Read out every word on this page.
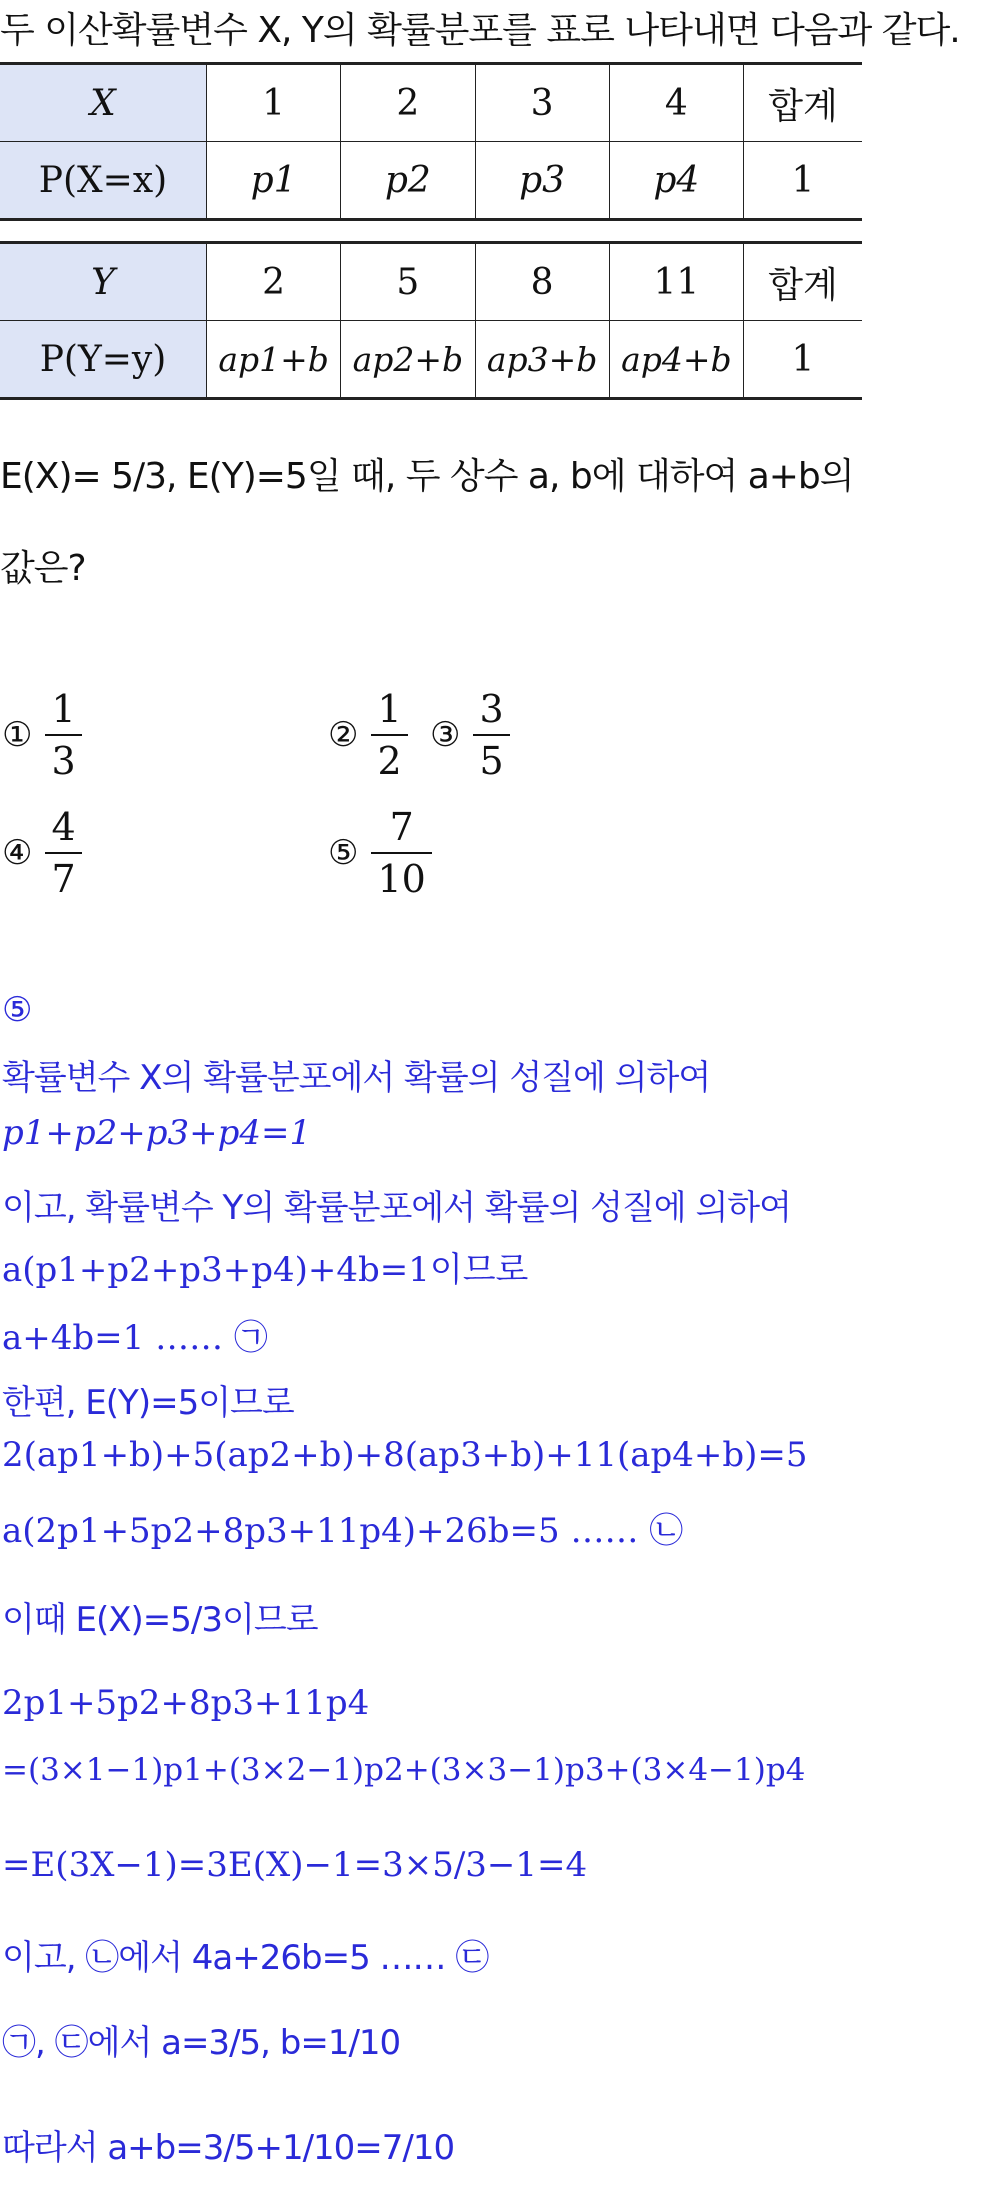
두 이산확률변수 X, Y의 확률분포를 표로 나타내면 다음과 같다.
X	1	2	3	4	합계
P(X=x)	p1	p2	p3	p4	1
Y	2	5	8	11	합계
P(Y=y)	ap1+b	ap2+b	ap3+b	ap4+b	1
E(X)= 5/3, E(Y)=5일 때, 두 상수 a, b에 대하여 a+b의
값은?
① $\frac{1}{3}$	② $\frac{1}{2}$ ③ $\frac{3}{5}$
④ $\frac{4}{7}$	⑤ $\frac{7}{10}$
⑤
확률변수 X의 확률분포에서 확률의 성질에 의하여
p1+p2+p3+p4=1
이고, 확률변수 Y의 확률분포에서 확률의 성질에 의하여
a(p1+p2+p3+p4)+4b=1이므로
a+4b=1 …… ㉠
한편, E(Y)=5이므로
2(ap1+b)+5(ap2+b)+8(ap3+b)+11(ap4+b)=5
a(2p1+5p2+8p3+11p4)+26b=5 …… ㉡
이때 E(X)=5/3이므로
2p1+5p2+8p3+11p4
=(3×1−1)p1+(3×2−1)p2+(3×3−1)p3+(3×4−1)p4
=E(3X−1)=3E(X)−1=3×5/3−1=4
이고, ㉡에서 4a+26b=5 …… ㉢
㉠, ㉢에서 a=3/5, b=1/10
따라서 a+b=3/5+1/10=7/10
